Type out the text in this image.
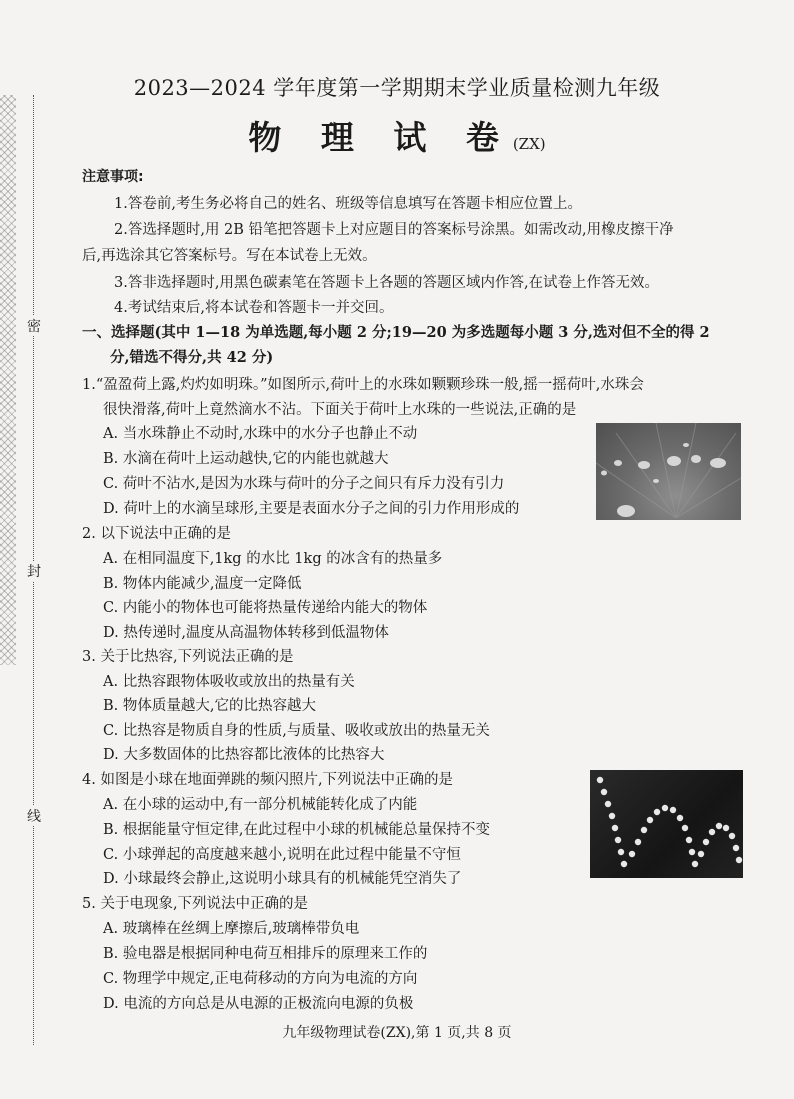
密
封
线
2023—2024 学年度第一学期期末学业质量检测九年级
物 理 试 卷(ZX)
注意事项:
1.答卷前,考生务必将自己的姓名、班级等信息填写在答题卡相应位置上。
2.答选择题时,用 2B 铅笔把答题卡上对应题目的答案标号涂黑。如需改动,用橡皮擦干净
后,再选涂其它答案标号。写在本试卷上无效。
3.答非选择题时,用黑色碳素笔在答题卡上各题的答题区域内作答,在试卷上作答无效。
4.考试结束后,将本试卷和答题卡一并交回。
一、选择题(其中 1—18 为单选题,每小题 2 分;19—20 为多选题每小题 3 分,选对但不全的得 2
分,错选不得分,共 42 分)
1.“盈盈荷上露,灼灼如明珠。”如图所示,荷叶上的水珠如颗颗珍珠一般,摇一摇荷叶,水珠会
很快滑落,荷叶上竟然滴水不沾。下面关于荷叶上水珠的一些说法,正确的是
A. 当水珠静止不动时,水珠中的水分子也静止不动
B. 水滴在荷叶上运动越快,它的内能也就越大
C. 荷叶不沾水,是因为水珠与荷叶的分子之间只有斥力没有引力
D. 荷叶上的水滴呈球形,主要是表面水分子之间的引力作用形成的
2. 以下说法中正确的是
A. 在相同温度下,1kg 的水比 1kg 的冰含有的热量多
B. 物体内能减少,温度一定降低
C. 内能小的物体也可能将热量传递给内能大的物体
D. 热传递时,温度从高温物体转移到低温物体
3. 关于比热容,下列说法正确的是
A. 比热容跟物体吸收或放出的热量有关
B. 物体质量越大,它的比热容越大
C. 比热容是物质自身的性质,与质量、吸收或放出的热量无关
D. 大多数固体的比热容都比液体的比热容大
4. 如图是小球在地面弹跳的频闪照片,下列说法中正确的是
A. 在小球的运动中,有一部分机械能转化成了内能
B. 根据能量守恒定律,在此过程中小球的机械能总量保持不变
C. 小球弹起的高度越来越小,说明在此过程中能量不守恒
D. 小球最终会静止,这说明小球具有的机械能凭空消失了
5. 关于电现象,下列说法中正确的是
A. 玻璃棒在丝绸上摩擦后,玻璃棒带负电
B. 验电器是根据同种电荷互相排斥的原理来工作的
C. 物理学中规定,正电荷移动的方向为电流的方向
D. 电流的方向总是从电源的正极流向电源的负极
九年级物理试卷(ZX),第 1 页,共 8 页
